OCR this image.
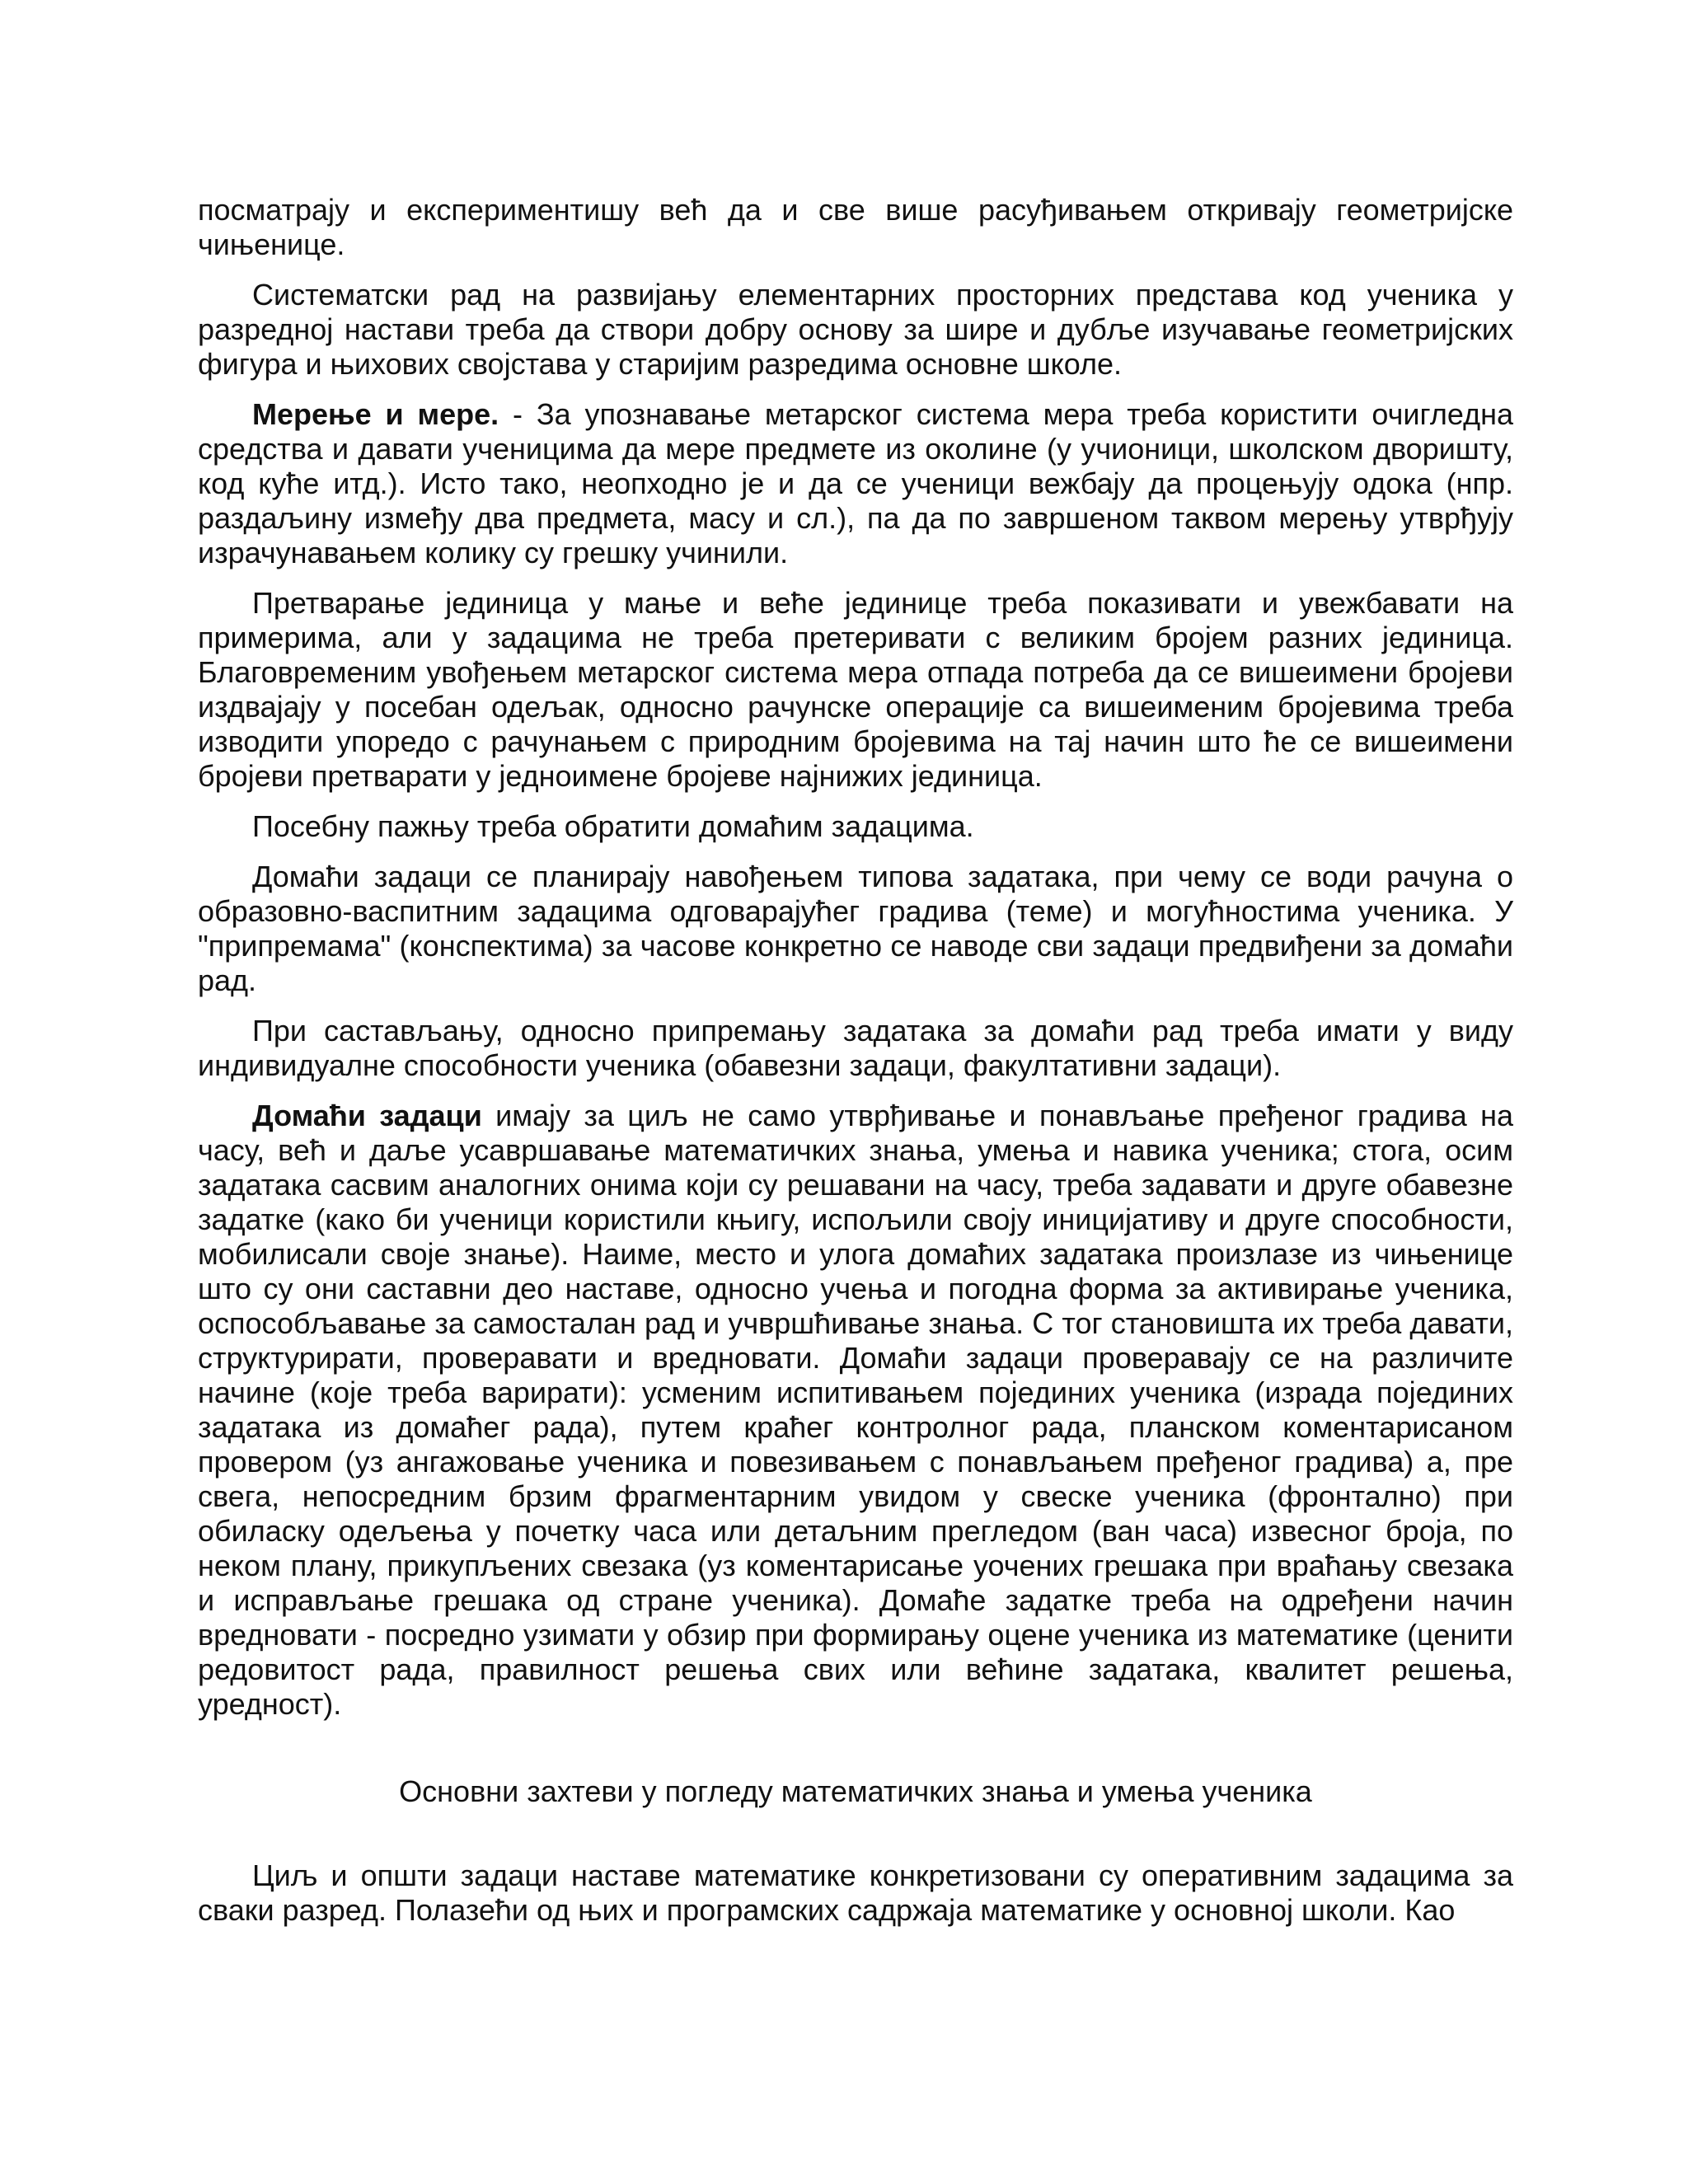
посматрају и експериментишу већ да и све више расуђивањем откривају геометријске чињенице.

Систематски рад на развијању елементарних просторних представа код ученика у разредној настави треба да створи добру основу за шире и дубље изучавање геометријских фигура и њихових својстава у старијим разредима основне школе.

Мерење и мере. - За упознавање метарског система мера треба користити очигледна средства и давати ученицима да мере предмете из околине (у учионици, школском дворишту, код куће итд.). Исто тако, неопходно је и да се ученици вежбају да процењују одока (нпр. раздаљину између два предмета, масу и сл.), па да по завршеном таквом мерењу утврђују израчунавањем колику су грешку учинили.

Претварање јединица у мање и веће јединице треба показивати и увежбавати на примерима, али у задацима не треба претеривати с великим бројем разних јединица. Благовременим увођењем метарског система мера отпада потреба да се вишеимени бројеви издвајају у посебан одељак, односно рачунске операције са вишеименим бројевима треба изводити упоредо с рачунањем с природним бројевима на тај начин што ће се вишеимени бројеви претварати у једноимене бројеве најнижих јединица.

Посебну пажњу треба обратити домаћим задацима.

Домаћи задаци се планирају навођењем типова задатака, при чему се води рачуна о образовно-васпитним задацима одговарајућег градива (теме) и могућностима ученика. У "припремама" (конспектима) за часове конкретно се наводе сви задаци предвиђени за домаћи рад.

При састављању, односно припремању задатака за домаћи рад треба имати у виду индивидуалне способности ученика (обавезни задаци, факултативни задаци).

Домаћи задаци имају за циљ не само утврђивање и понављање пређеног градива на часу, већ и даље усавршавање математичких знања, умења и навика ученика; стога, осим задатака сасвим аналогних онима који су решавани на часу, треба задавати и друге обавезне задатке (како би ученици користили књигу, испољили своју иницијативу и друге способности, мобилисали своје знање). Наиме, место и улога домаћих задатака произлазе из чињенице што су они саставни део наставе, односно учења и погодна форма за активирање ученика, оспособљавање за самосталан рад и учвршћивање знања. С тог становишта их треба давати, структурирати, проверавати и вредновати. Домаћи задаци проверавају се на различите начине (које треба варирати): усменим испитивањем појединих ученика (израда појединих задатака из домаћег рада), путем краћег контролног рада, планском коментарисаном провером (уз ангажовање ученика и повезивањем с понављањем пређеног градива) а, пре свега, непосредним брзим фрагментарним увидом у свеске ученика (фронтално) при обиласку одељења у почетку часа или детаљним прегледом (ван часа) извесног броја, по неком плану, прикупљених свезака (уз коментарисање уочених грешака при враћању свезака и исправљање грешака од стране ученика). Домаће задатке треба на одређени начин вредновати - посредно узимати у обзир при формирању оцене ученика из математике (ценити редовитост рада, правилност решења свих или већине задатака, квалитет решења, уредност).

Основни захтеви у погледу математичких знања и умења ученика

Циљ и општи задаци наставе математике конкретизовани су оперативним задацима за сваки разред. Полазећи од њих и програмских садржаја математике у основној школи. Као
